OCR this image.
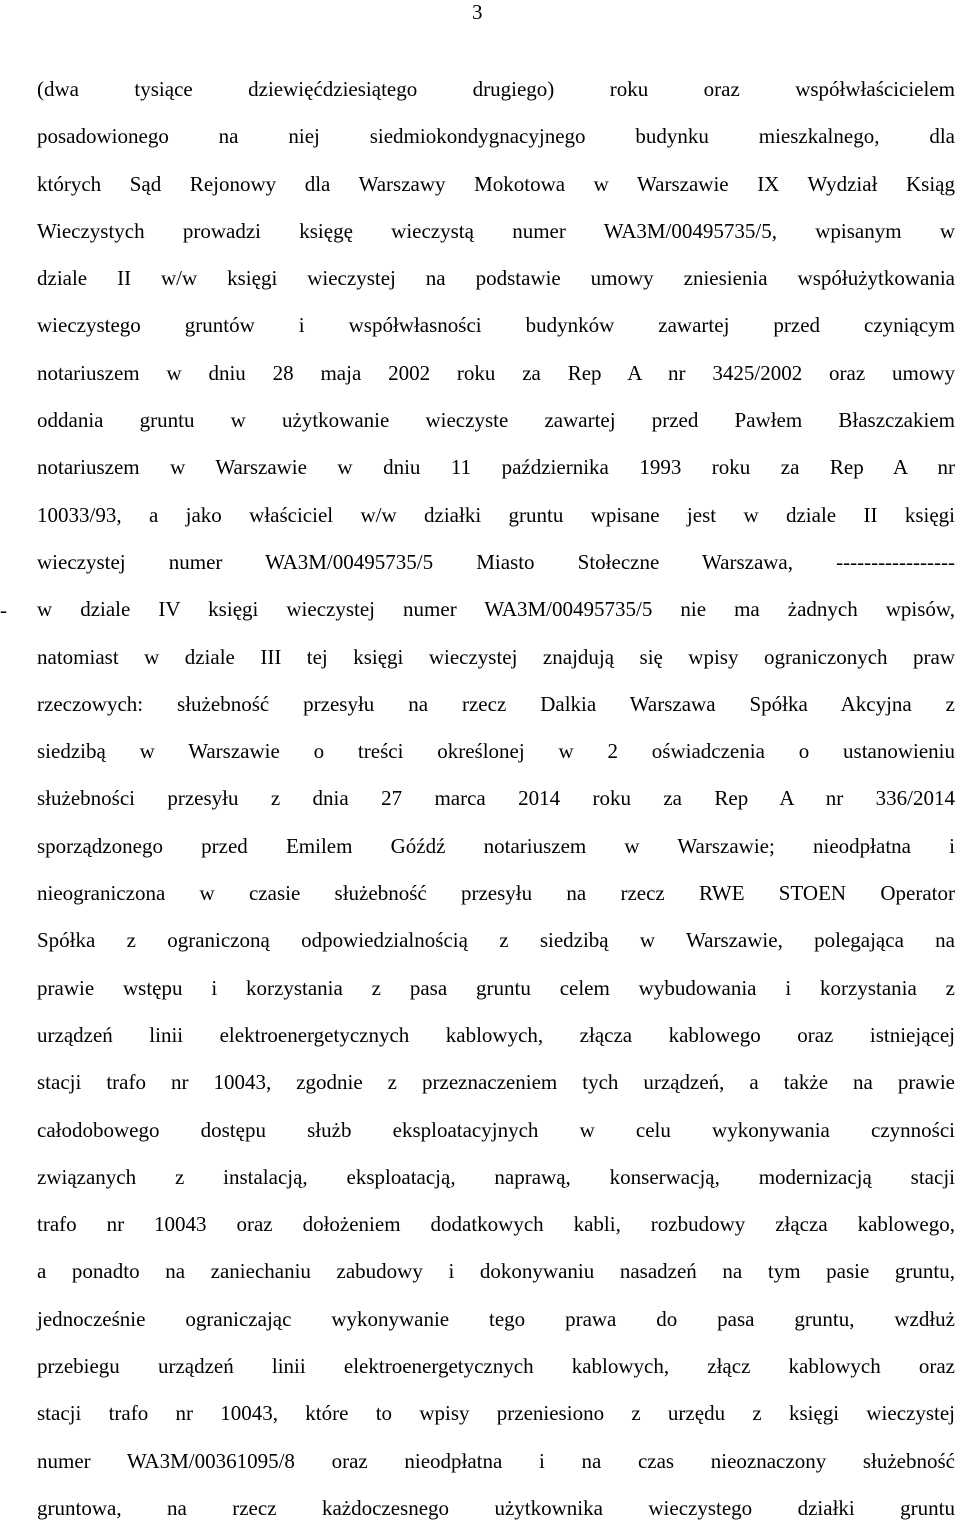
3
-
(dwa tysiące dziewięćdziesiątego drugiego) roku oraz współwłaścicielem
posadowionego na niej siedmiokondygnacyjnego budynku mieszkalnego, dla
których Sąd Rejonowy dla Warszawy Mokotowa w Warszawie IX Wydział Ksiąg
Wieczystych prowadzi księgę wieczystą numer WA3M/00495735/5, wpisanym w
dziale II w/w księgi wieczystej na podstawie umowy zniesienia współużytkowania
wieczystego gruntów i współwłasności budynków zawartej przed czyniącym
notariuszem w dniu 28 maja 2002 roku za Rep A nr 3425/2002 oraz umowy
oddania gruntu w użytkowanie wieczyste zawartej przed Pawłem Błaszczakiem
notariuszem w Warszawie w dniu 11 października 1993 roku za Rep A nr
10033/93, a jako właściciel w/w działki gruntu wpisane jest w dziale II księgi
wieczystej numer WA3M/00495735/5 Miasto Stołeczne Warszawa, -----------------
w dziale IV księgi wieczystej numer WA3M/00495735/5 nie ma żadnych wpisów,
natomiast w dziale III tej księgi wieczystej znajdują się wpisy ograniczonych praw
rzeczowych: służebność przesyłu na rzecz Dalkia Warszawa Spółka Akcyjna z
siedzibą w Warszawie o treści określonej w 2 oświadczenia o ustanowieniu
służebności przesyłu z dnia 27 marca 2014 roku za Rep A nr 336/2014
sporządzonego przed Emilem Góźdź notariuszem w Warszawie; nieodpłatna i
nieograniczona w czasie służebność przesyłu na rzecz RWE STOEN Operator
Spółka z ograniczoną odpowiedzialnością z siedzibą w Warszawie, polegająca na
prawie wstępu i korzystania z pasa gruntu celem wybudowania i korzystania z
urządzeń linii elektroenergetycznych kablowych, złącza kablowego oraz istniejącej
stacji trafo nr 10043, zgodnie z przeznaczeniem tych urządzeń, a także na prawie
całodobowego dostępu służb eksploatacyjnych w celu wykonywania czynności
związanych z instalacją, eksploatacją, naprawą, konserwacją, modernizacją stacji
trafo nr 10043 oraz dołożeniem dodatkowych kabli, rozbudowy złącza kablowego,
a ponadto na zaniechaniu zabudowy i dokonywaniu nasadzeń na tym pasie gruntu,
jednocześnie ograniczając wykonywanie tego prawa do pasa gruntu, wzdłuż
przebiegu urządzeń linii elektroenergetycznych kablowych, złącz kablowych oraz
stacji trafo nr 10043, które to wpisy przeniesiono z urzędu z księgi wieczystej
numer WA3M/00361095/8 oraz nieodpłatna i na czas nieoznaczony służebność
gruntowa, na rzecz każdoczesnego użytkownika wieczystego działki gruntu
